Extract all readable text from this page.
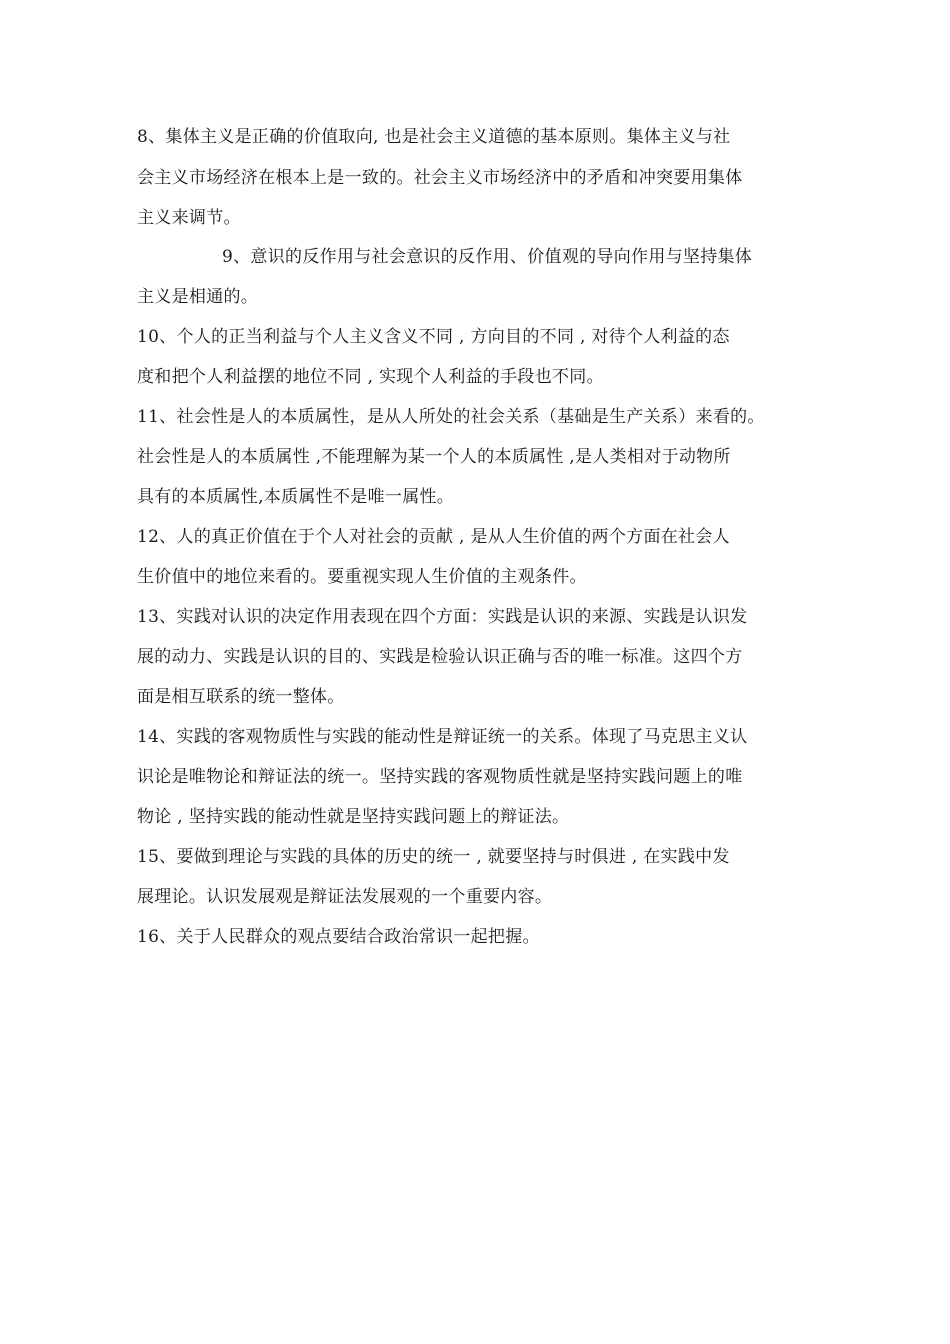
8、集体主义是正确的价值取向, 也是社会主义道德的基本原则。集体主义与社
会主义市场经济在根本上是一致的。社会主义市场经济中的矛盾和冲突要用集体
主义来调节。
9、意识的反作用与社会意识的反作用、价值观的导向作用与坚持集体
主义是相通的。
10、个人的正当利益与个人主义含义不同 , 方向目的不同 , 对待个人利益的态
度和把个人利益摆的地位不同 , 实现个人利益的手段也不同。
11、社会性是人的本质属性，是从人所处的社会关系（基础是生产关系）来看的。
社会性是人的本质属性 ,不能理解为某一个人的本质属性 ,是人类相对于动物所
具有的本质属性,本质属性不是唯一属性。
12、人的真正价值在于个人对社会的贡献 , 是从人生价值的两个方面在社会人
生价值中的地位来看的。要重视实现人生价值的主观条件。
13、实践对认识的决定作用表现在四个方面：实践是认识的来源、实践是认识发
展的动力、实践是认识的目的、实践是检验认识正确与否的唯一标准。这四个方
面是相互联系的统一整体。
14、实践的客观物质性与实践的能动性是辩证统一的关系。体现了马克思主义认
识论是唯物论和辩证法的统一。坚持实践的客观物质性就是坚持实践问题上的唯
物论 , 坚持实践的能动性就是坚持实践问题上的辩证法。
15、要做到理论与实践的具体的历史的统一 , 就要坚持与时俱进 , 在实践中发
展理论。认识发展观是辩证法发展观的一个重要内容。
16、关于人民群众的观点要结合政治常识一起把握。
